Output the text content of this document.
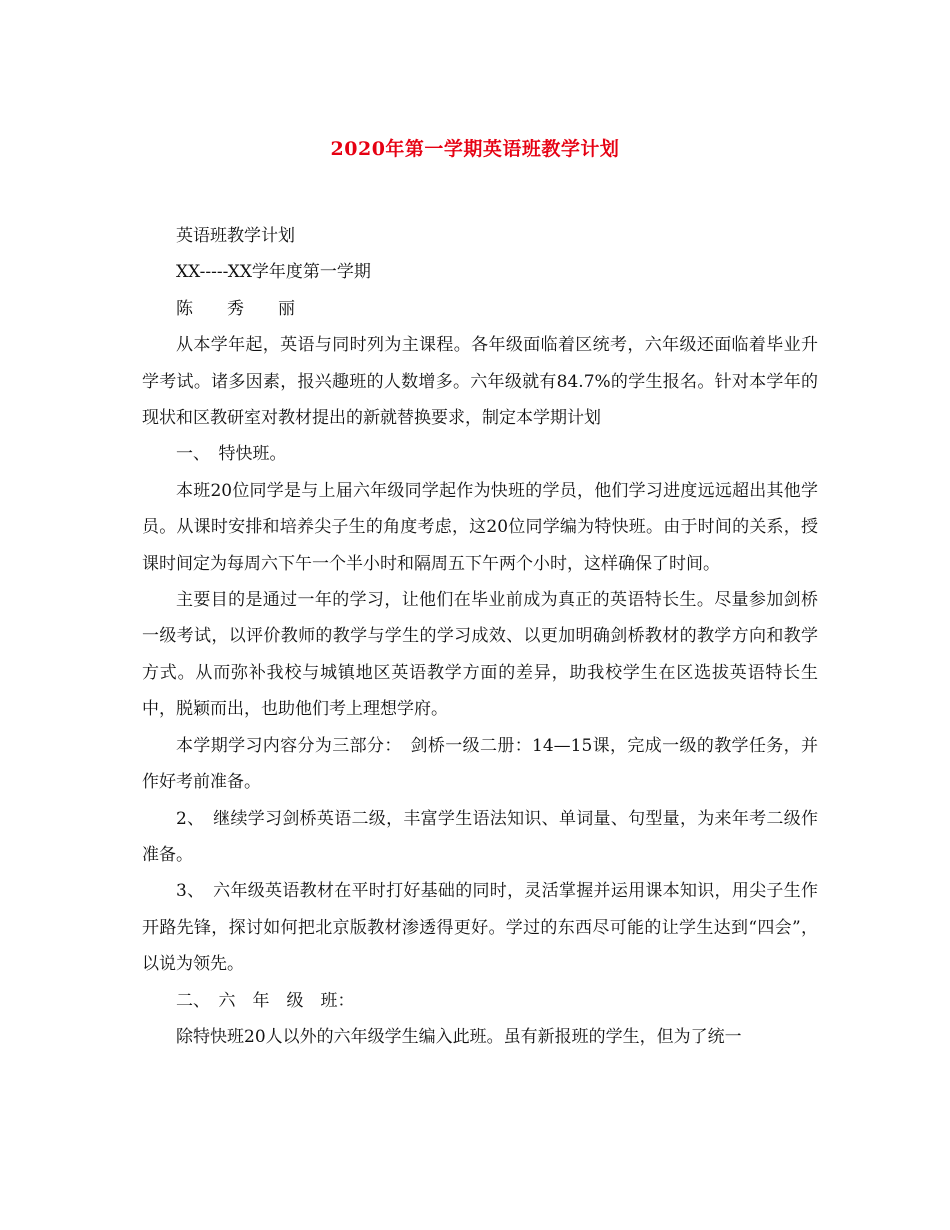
2020年第一学期英语班教学计划

英语班教学计划

XX-----XX学年度第一学期

陈　　秀　　丽

从本学年起，英语与同时列为主课程。各年级面临着区统考，六年级还面临着毕业升学考试。诸多因素，报兴趣班的人数增多。六年级就有84.7%的学生报名。针对本学年的现状和区教研室对教材提出的新就替换要求，制定本学期计划

一、　特快班。

本班20位同学是与上届六年级同学起作为快班的学员，他们学习进度远远超出其他学员。从课时安排和培养尖子生的角度考虑，这20位同学编为特快班。由于时间的关系，授课时间定为每周六下午一个半小时和隔周五下午两个小时，这样确保了时间。

主要目的是通过一年的学习，让他们在毕业前成为真正的英语特长生。尽量参加剑桥一级考试，以评价教师的教学与学生的学习成效、以更加明确剑桥教材的教学方向和教学方式。从而弥补我校与城镇地区英语教学方面的差异，助我校学生在区选拔英语特长生中，脱颖而出，也助他们考上理想学府。

本学期学习内容分为三部分：　剑桥一级二册：14—15课，完成一级的教学任务，并作好考前准备。

2、　继续学习剑桥英语二级，丰富学生语法知识、单词量、句型量，为来年考二级作准备。

3、　六年级英语教材在平时打好基础的同时，灵活掌握并运用课本知识，用尖子生作开路先锋，探讨如何把北京版教材渗透得更好。学过的东西尽可能的让学生达到“四会”，以说为领先。

二、　六　年　级　班：

除特快班20人以外的六年级学生编入此班。虽有新报班的学生，但为了统一
